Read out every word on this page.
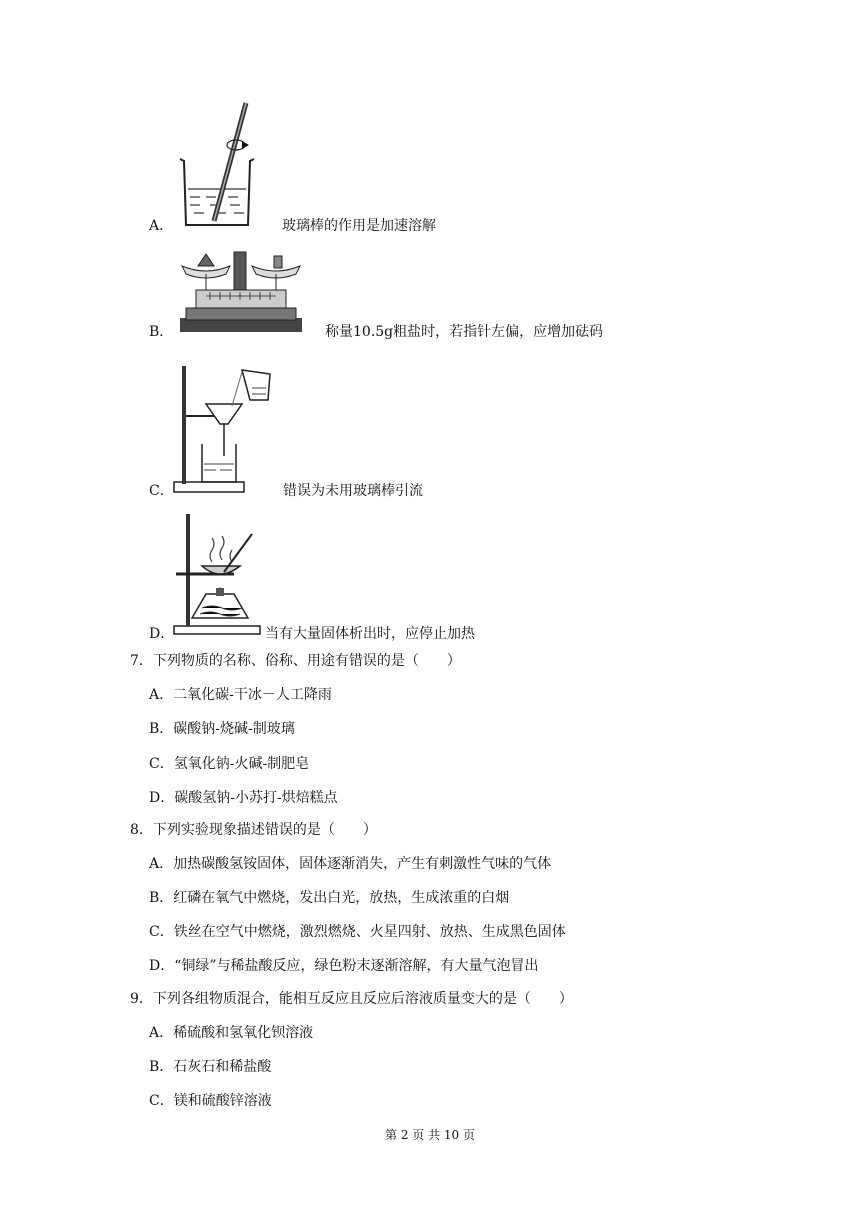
A．	玻璃棒的作用是加速溶解
B．	称量10.5g粗盐时，若指针左偏，应增加砝码
C．	错误为未用玻璃棒引流
D．	当有大量固体析出时，应停止加热
7．下列物质的名称、俗称、用途有错误的是（　　）
A．二氧化碳-干冰－人工降雨
B．碳酸钠-烧碱-制玻璃
C．氢氧化钠-火碱-制肥皂
D．碳酸氢钠-小苏打-烘焙糕点
8．下列实验现象描述错误的是（　　）
A．加热碳酸氢铵固体，固体逐渐消失，产生有刺激性气味的气体
B．红磷在氧气中燃烧，发出白光，放热，生成浓重的白烟
C．铁丝在空气中燃烧，激烈燃烧、火星四射、放热、生成黑色固体
D．“铜绿”与稀盐酸反应，绿色粉末逐渐溶解，有大量气泡冒出
9．下列各组物质混合，能相互反应且反应后溶液质量变大的是（　　）
A．稀硫酸和氢氧化钡溶液
B．石灰石和稀盐酸
C．镁和硫酸锌溶液
第 2 页 共 10 页
